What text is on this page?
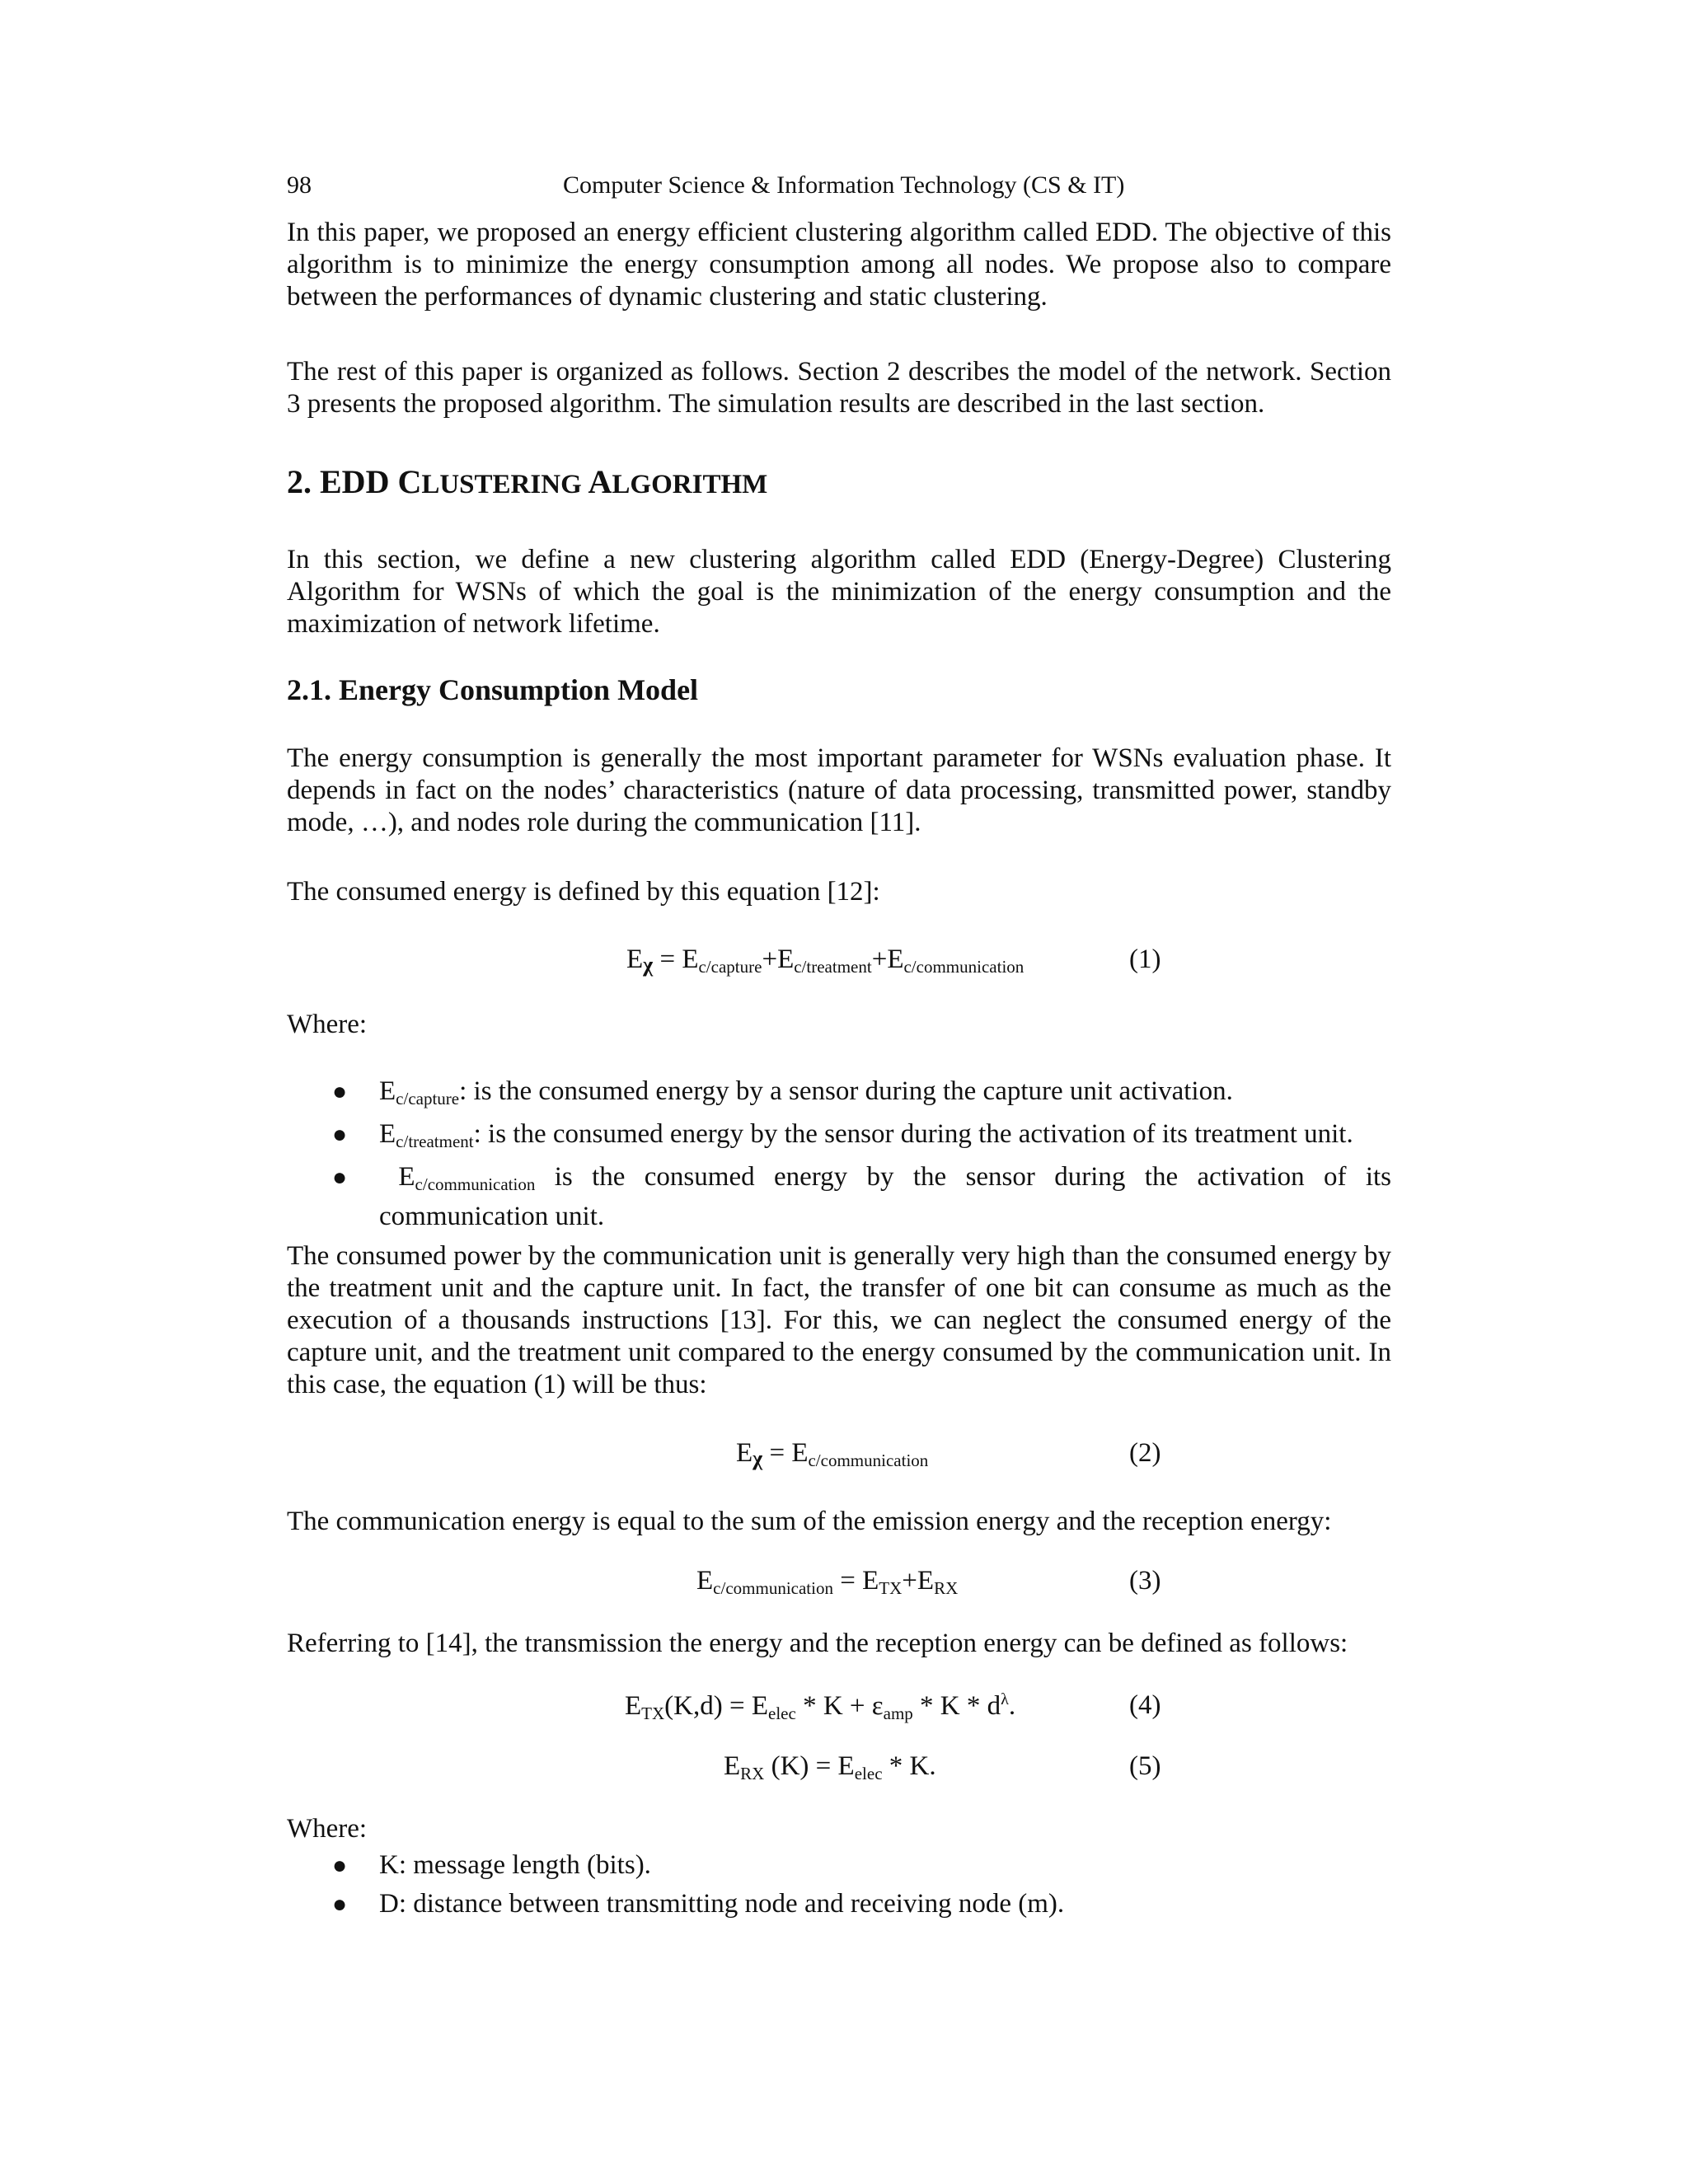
98	Computer Science & Information Technology (CS & IT)
In this paper, we proposed an energy efficient clustering algorithm called EDD. The objective of this algorithm is to minimize the energy consumption among all nodes. We propose also to compare between the performances of dynamic clustering and static clustering.
The rest of this paper is organized as follows. Section 2 describes the model of the network. Section 3 presents the proposed algorithm. The simulation results are described in the last section.
2. EDD CLUSTERING ALGORITHM
In this section, we define a new clustering algorithm called EDD (Energy-Degree) Clustering Algorithm for WSNs of which the goal is the minimization of the energy consumption and the maximization of network lifetime.
2.1. Energy Consumption Model
The energy consumption is generally the most important parameter for WSNs evaluation phase. It depends in fact on the nodes’ characteristics (nature of data processing, transmitted power, standby mode, …), and nodes role during the communication [11].
The consumed energy is defined by this equation [12]:
$E_\chi = E_{c/capture}+E_{c/treatment}+E_{c/communication}$	(1)
Where:
● $E_{c/capture}$: is the consumed energy by a sensor during the capture unit activation.
● $E_{c/treatment}$: is the consumed energy by the sensor during the activation of its treatment unit.
● $E_{c/communication}$ is the consumed energy by the sensor during the activation of its communication unit.
The consumed power by the communication unit is generally very high than the consumed energy by the treatment unit and the capture unit. In fact, the transfer of one bit can consume as much as the execution of a thousands instructions [13]. For this, we can neglect the consumed energy of the capture unit, and the treatment unit compared to the energy consumed by the communication unit. In this case, the equation (1) will be thus:
$E_\chi = E_{c/communication}$	(2)
The communication energy is equal to the sum of the emission energy and the reception energy:
$E_{c/communication} = E_{TX}+E_{RX}$	(3)
Referring to [14], the transmission the energy and the reception energy can be defined as follows:
$E_{TX}(K,d) = E_{elec} * K + \varepsilon_{amp} * K * d^\lambda$.	(4)
$E_{RX}$ $(K) = E_{elec} * K$.	(5)
Where:
● K: message length (bits).
● D: distance between transmitting node and receiving node (m).
